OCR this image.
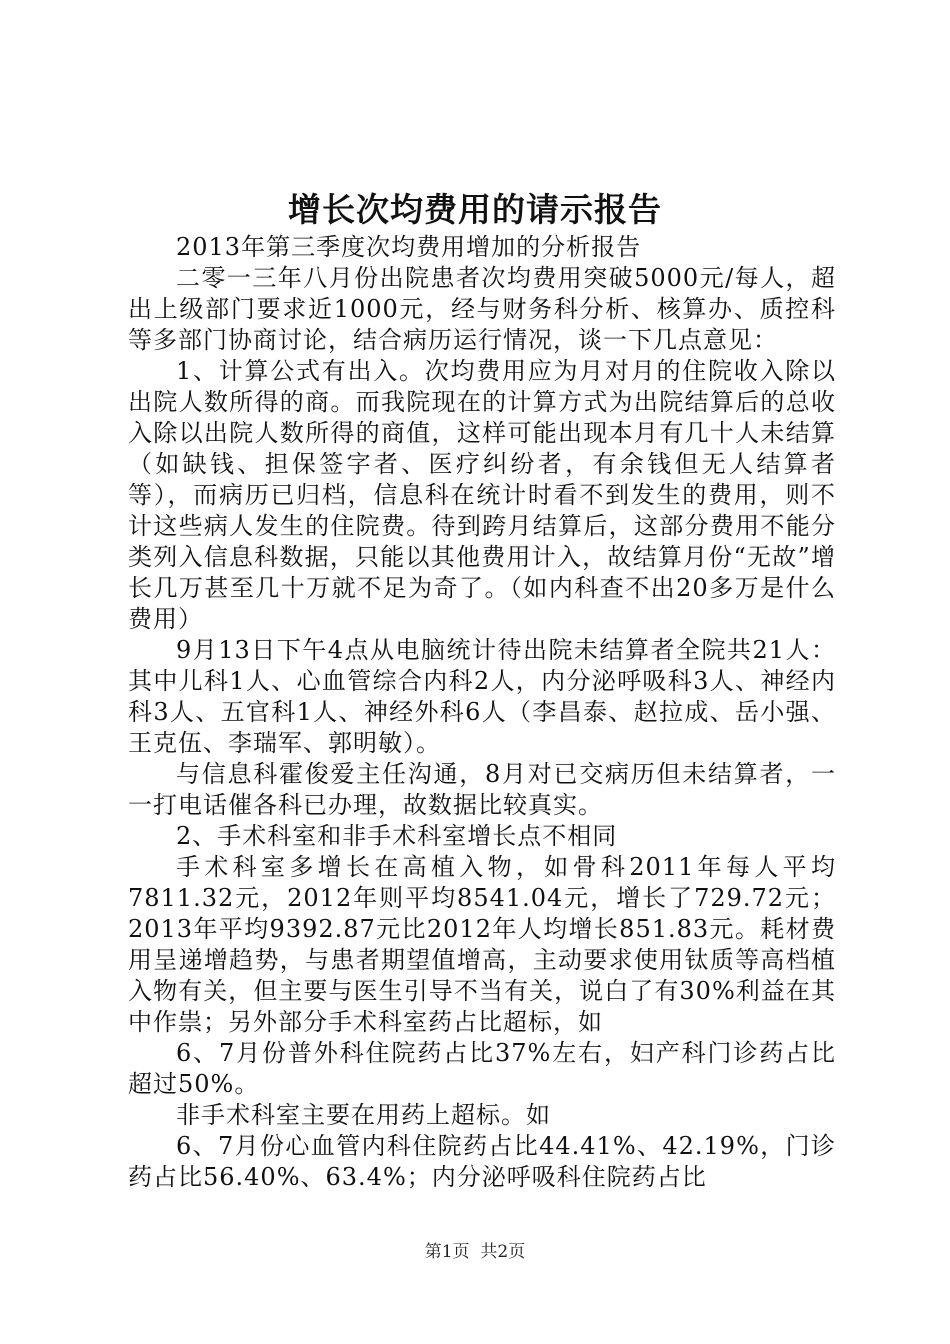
增长次均费用的请示报告

2013年第三季度次均费用增加的分析报告

二零一三年八月份出院患者次均费用突破5000元/每人，超出上级部门要求近1000元，经与财务科分析、核算办、质控科等多部门协商讨论，结合病历运行情况，谈一下几点意见：

1、计算公式有出入。次均费用应为月对月的住院收入除以出院人数所得的商。而我院现在的计算方式为出院结算后的总收入除以出院人数所得的商值，这样可能出现本月有几十人未结算（如缺钱、担保签字者、医疗纠纷者，有余钱但无人结算者等），而病历已归档，信息科在统计时看不到发生的费用，则不计这些病人发生的住院费。待到跨月结算后，这部分费用不能分类列入信息科数据，只能以其他费用计入，故结算月份“无故”增长几万甚至几十万就不足为奇了。（如内科查不出20多万是什么费用）

9月13日下午4点从电脑统计待出院未结算者全院共21人：其中儿科1人、心血管综合内科2人，内分泌呼吸科3人、神经内科3人、五官科1人、神经外科6人（李昌泰、赵拉成、岳小强、王克伍、李瑞军、郭明敏）。

与信息科霍俊爱主任沟通，8月对已交病历但未结算者，一一打电话催各科已办理，故数据比较真实。

2、手术科室和非手术科室增长点不相同

手术科室多增长在高植入物，如骨科2011年每人平均7811.32元，2012年则平均8541.04元，增长了729.72元；2013年平均9392.87元比2012年人均增长851.83元。耗材费用呈递增趋势，与患者期望值增高，主动要求使用钛质等高档植入物有关，但主要与医生引导不当有关，说白了有30%利益在其中作祟；另外部分手术科室药占比超标，如

6、7月份普外科住院药占比37%左右，妇产科门诊药占比超过50%。

非手术科室主要在用药上超标。如

6、7月份心血管内科住院药占比44.41%、42.19%，门诊药占比56.40%、63.4%；内分泌呼吸科住院药占比

第1页  共2页
